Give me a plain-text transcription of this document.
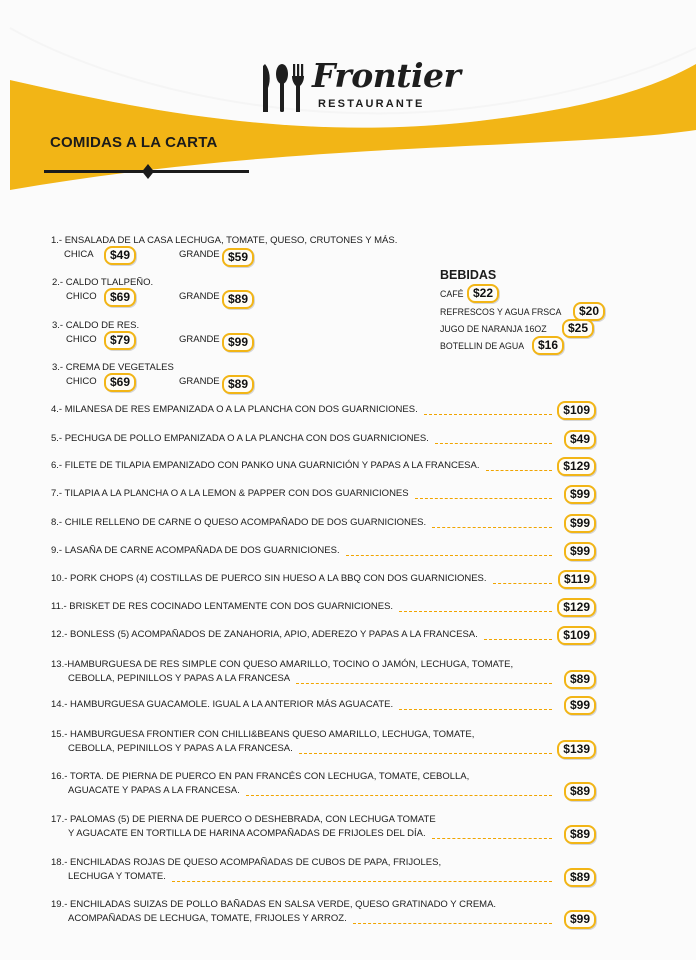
Frontier
RESTAURANTE
COMIDAS A LA CARTA
1.- ENSALADA DE LA CASA LECHUGA, TOMATE, QUESO, CRUTONES Y MÁS.
CHICA	$49	GRANDE $59
2.- CALDO TLALPEÑO.
CHICO	$69	GRANDE $89
3.- CALDO DE RES.
CHICO	$79	GRANDE $99
3.- CREMA DE VEGETALES
CHICO	$69	GRANDE $89
BEBIDAS
CAFÉ $22
REFRESCOS Y AGUA FRSCA	$20
JUGO DE NARANJA 16OZ	$25
BOTELLIN DE AGUA	$16
4.- MILANESA DE RES EMPANIZADA O A LA PLANCHA CON DOS GUARNICIONES.	$109
5.- PECHUGA DE POLLO EMPANIZADA O A LA PLANCHA CON DOS GUARNICIONES.	$49
6.- FILETE DE TILAPIA EMPANIZADO CON PANKO UNA GUARNICIÓN Y PAPAS A LA FRANCESA.	$129
7.- TILAPIA A LA PLANCHA O A LA LEMON & PAPPER CON DOS GUARNICIONES	$99
8.- CHILE RELLENO DE CARNE O QUESO ACOMPAÑADO DE DOS GUARNICIONES.	$99
9.- LASAÑA DE CARNE ACOMPAÑADA DE DOS GUARNICIONES.	$99
10.- PORK CHOPS (4) COSTILLAS DE PUERCO SIN HUESO A LA BBQ CON DOS GUARNICIONES.	$119
11.- BRISKET DE RES COCINADO LENTAMENTE CON DOS GUARNICIONES.	$129
12.- BONLESS (5) ACOMPAÑADOS DE ZANAHORIA, APIO, ADEREZO Y PAPAS A LA FRANCESA.	$109
13.-HAMBURGUESA DE RES SIMPLE CON QUESO AMARILLO, TOCINO O JAMÓN, LECHUGA, TOMATE,
CEBOLLA, PEPINILLOS Y PAPAS A LA FRANCESA	$89
14.- HAMBURGUESA GUACAMOLE. IGUAL A LA ANTERIOR MÁS AGUACATE.	$99
15.- HAMBURGUESA FRONTIER CON CHILLI&BEANS QUESO AMARILLO, LECHUGA, TOMATE,
CEBOLLA, PEPINILLOS Y PAPAS A LA FRANCESA.	$139
16.- TORTA. DE PIERNA DE PUERCO EN PAN FRANCÉS CON LECHUGA, TOMATE, CEBOLLA,
AGUACATE Y PAPAS A LA FRANCESA.	$89
17.- PALOMAS (5) DE PIERNA DE PUERCO O DESHEBRADA, CON LECHUGA TOMATE
Y AGUACATE EN TORTILLA DE HARINA ACOMPAÑADAS DE FRIJOLES DEL DÍA.	$89
18.- ENCHILADAS ROJAS DE QUESO ACOMPAÑADAS DE CUBOS DE PAPA, FRIJOLES,
LECHUGA Y TOMATE.	$89
19.- ENCHILADAS SUIZAS DE POLLO BAÑADAS EN SALSA VERDE, QUESO GRATINADO Y CREMA.
ACOMPAÑADAS DE LECHUGA, TOMATE, FRIJOLES Y ARROZ.	$99
